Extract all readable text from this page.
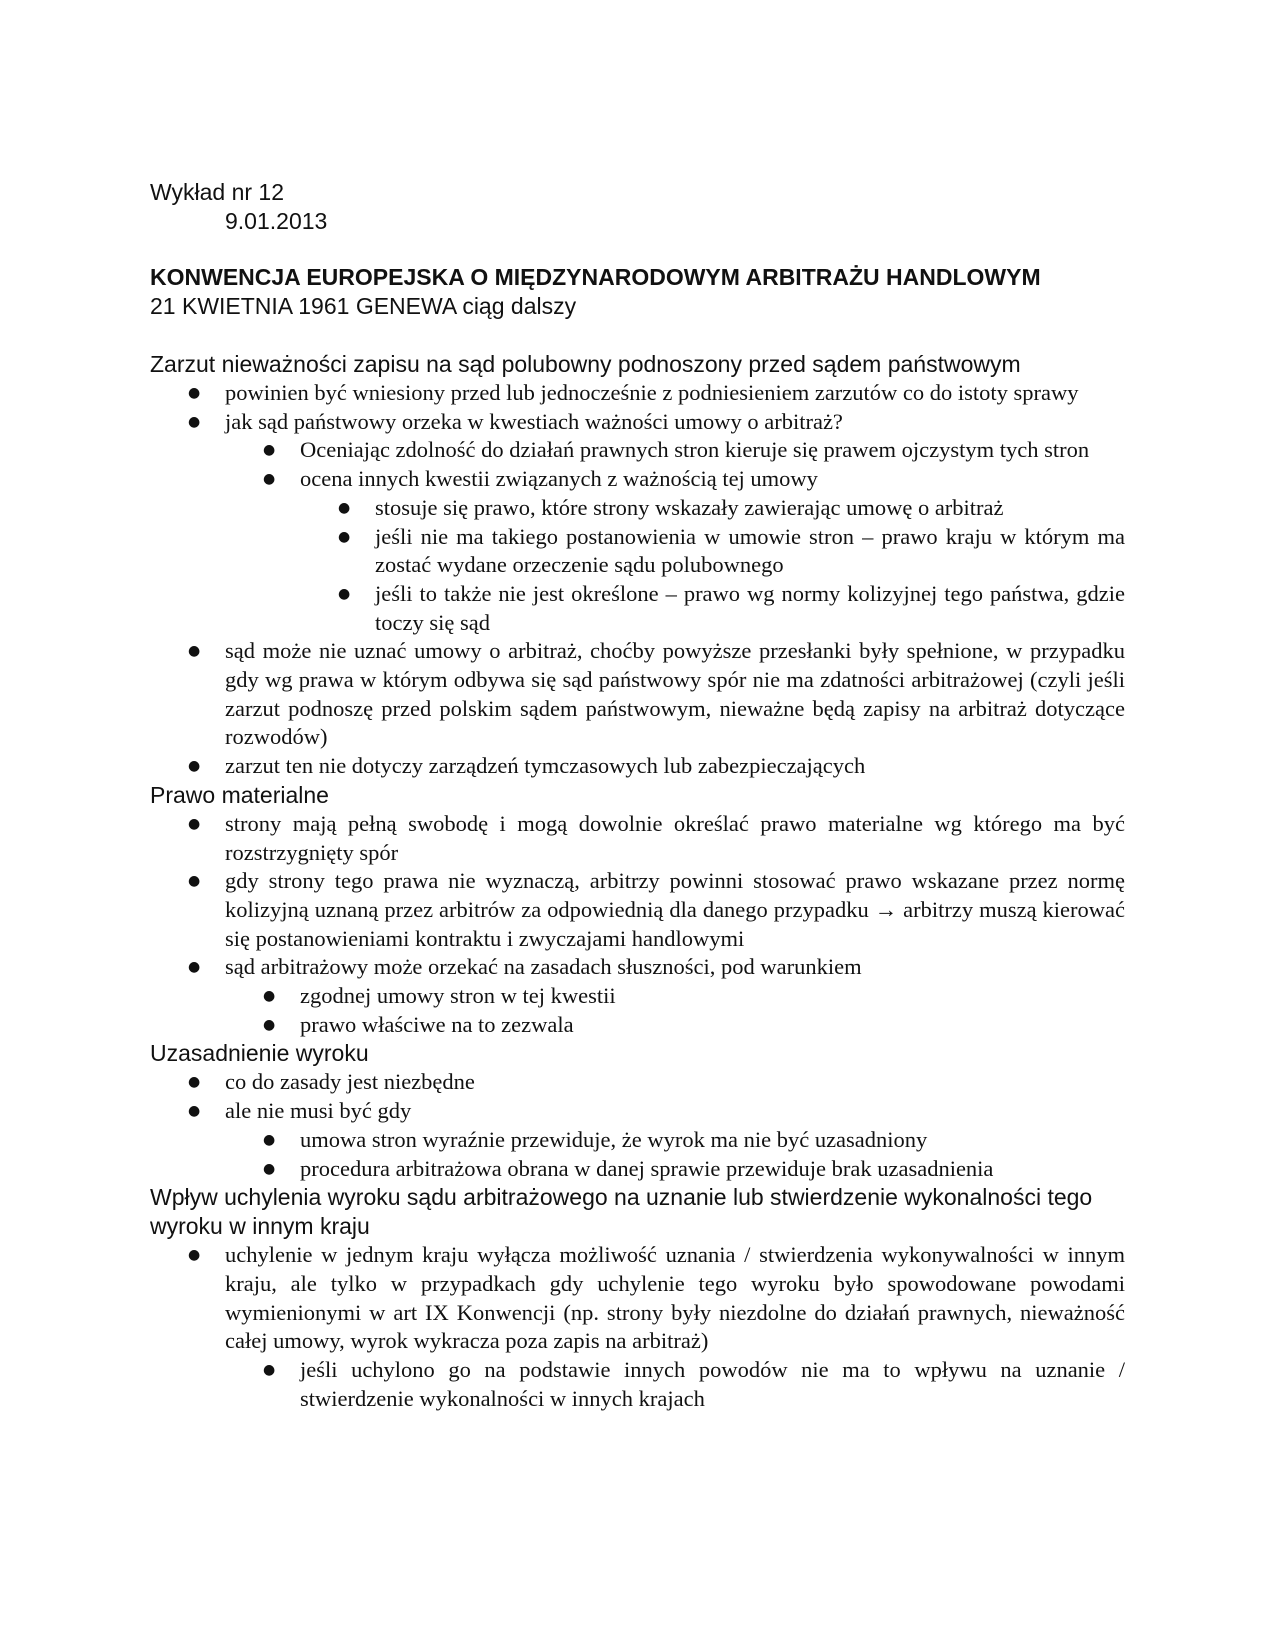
Wykład nr 12
9.01.2013
KONWENCJA EUROPEJSKA O MIĘDZYNARODOWYM ARBITRAŻU HANDLOWYM
21 KWIETNIA 1961 GENEWA ciąg dalszy
Zarzut nieważności zapisu na sąd polubowny podnoszony przed sądem państwowym
● powinien być wniesiony przed lub jednocześnie z podniesieniem zarzutów co do istoty sprawy
● jak sąd państwowy orzeka w kwestiach ważności umowy o arbitraż?
● Oceniając zdolność do działań prawnych stron kieruje się prawem ojczystym tych stron
● ocena innych kwestii związanych z ważnością tej umowy
● stosuje się prawo, które strony wskazały zawierając umowę o arbitraż
● jeśli nie ma takiego postanowienia w umowie stron – prawo kraju w którym ma zostać wydane orzeczenie sądu polubownego
● jeśli to także nie jest określone – prawo wg normy kolizyjnej tego państwa, gdzie toczy się sąd
● sąd może nie uznać umowy o arbitraż, choćby powyższe przesłanki były spełnione, w przypadku gdy wg prawa w którym odbywa się sąd państwowy spór nie ma zdatności arbitrażowej (czyli jeśli zarzut podnoszę przed polskim sądem państwowym, nieważne będą zapisy na arbitraż dotyczące rozwodów)
● zarzut ten nie dotyczy zarządzeń tymczasowych lub zabezpieczających
Prawo materialne
● strony mają pełną swobodę i mogą dowolnie określać prawo materialne wg którego ma być rozstrzygnięty spór
● gdy strony tego prawa nie wyznaczą, arbitrzy powinni stosować prawo wskazane przez normę kolizyjną uznaną przez arbitrów za odpowiednią dla danego przypadku → arbitrzy muszą kierować się postanowieniami kontraktu i zwyczajami handlowymi
● sąd arbitrażowy może orzekać na zasadach słuszności, pod warunkiem
● zgodnej umowy stron w tej kwestii
● prawo właściwe na to zezwala
Uzasadnienie wyroku
● co do zasady jest niezbędne
● ale nie musi być gdy
● umowa stron wyraźnie przewiduje, że wyrok ma nie być uzasadniony
● procedura arbitrażowa obrana w danej sprawie przewiduje brak uzasadnienia
Wpływ uchylenia wyroku sądu arbitrażowego na uznanie lub stwierdzenie wykonalności tego wyroku w innym kraju
● uchylenie w jednym kraju wyłącza możliwość uznania / stwierdzenia wykonywalności w innym kraju, ale tylko w przypadkach gdy uchylenie tego wyroku było spowodowane powodami wymienionymi w art IX Konwencji (np. strony były niezdolne do działań prawnych, nieważność całej umowy, wyrok wykracza poza zapis na arbitraż)
● jeśli uchylono go na podstawie innych powodów nie ma to wpływu na uznanie / stwierdzenie wykonalności w innych krajach
